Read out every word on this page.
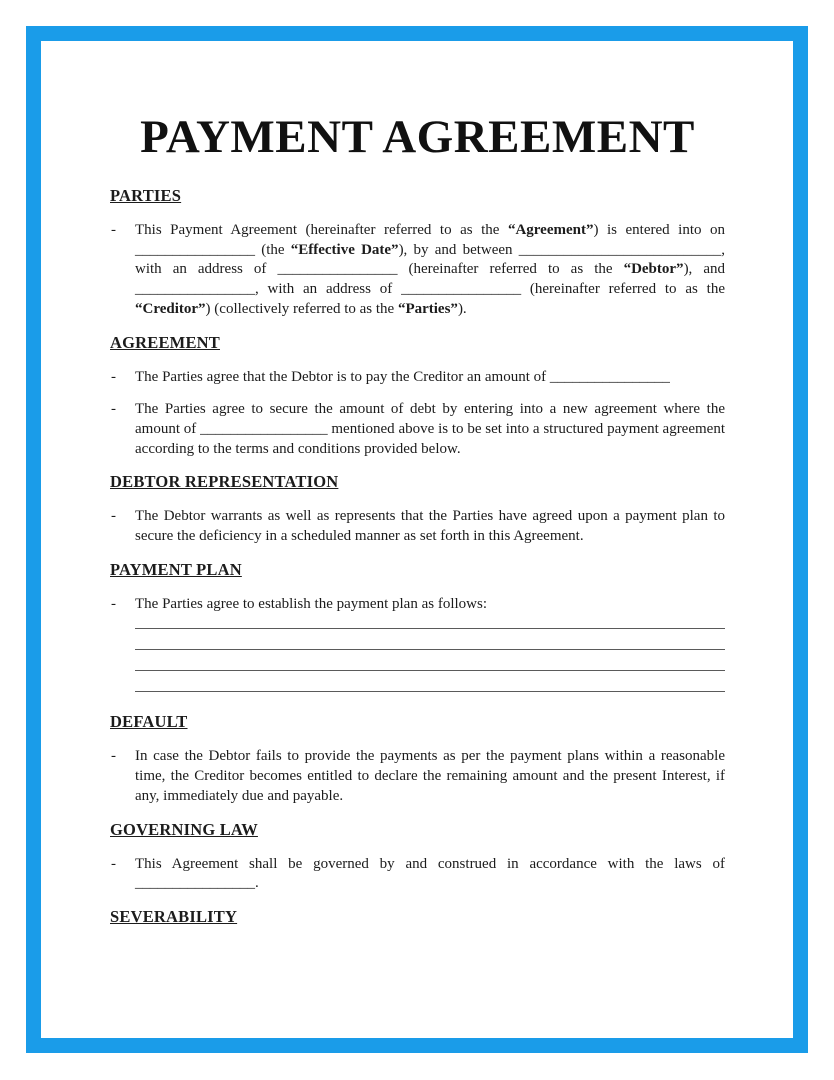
PAYMENT AGREEMENT
PARTIES

- This Payment Agreement (hereinafter referred to as the “Agreement”) is entered into on ________________ (the “Effective Date”), by and between ___________________________, with an address of ________________ (hereinafter referred to as the “Debtor”), and ________________, with an address of ________________ (hereinafter referred to as the “Creditor”) (collectively referred to as the “Parties”).

AGREEMENT

- The Parties agree that the Debtor is to pay the Creditor an amount of ________________

- The Parties agree to secure the amount of debt by entering into a new agreement where the amount of _________________ mentioned above is to be set into a structured payment agreement according to the terms and conditions provided below.

DEBTOR REPRESENTATION

- The Debtor warrants as well as represents that the Parties have agreed upon a payment plan to secure the deficiency in a scheduled manner as set forth in this Agreement.

PAYMENT PLAN

- The Parties agree to establish the payment plan as follows:

DEFAULT

- In case the Debtor fails to provide the payments as per the payment plans within a reasonable time, the Creditor becomes entitled to declare the remaining amount and the present Interest, if any, immediately due and payable.

GOVERNING LAW

- This Agreement shall be governed by and construed in accordance with the laws of ________________.

SEVERABILITY
